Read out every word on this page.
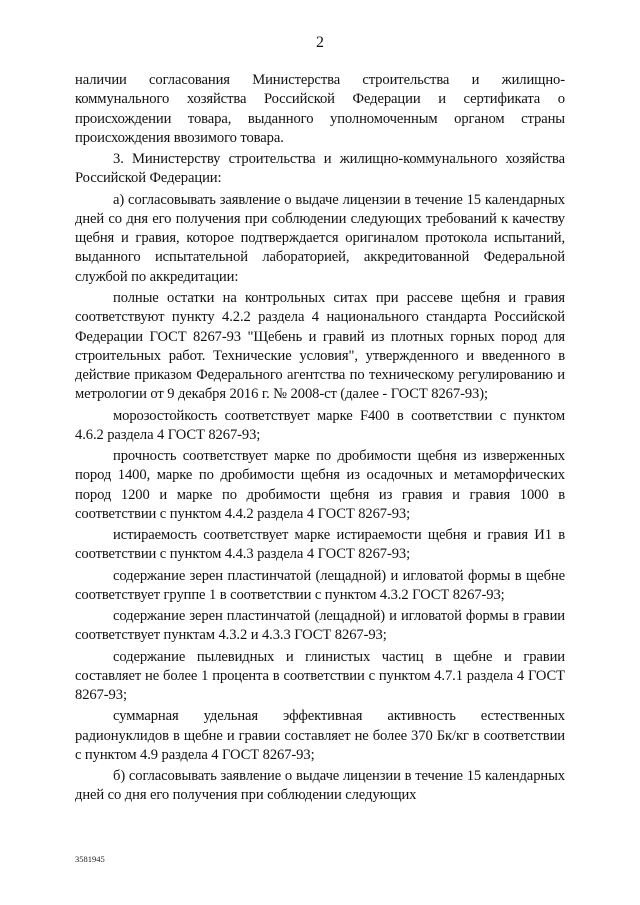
2

наличии согласования Министерства строительства и жилищно-коммунального хозяйства Российской Федерации и сертификата о происхождении товара, выданного уполномоченным органом страны происхождения ввозимого товара.

3. Министерству строительства и жилищно-коммунального хозяйства Российской Федерации:

а) согласовывать заявление о выдаче лицензии в течение 15 календарных дней со дня его получения при соблюдении следующих требований к качеству щебня и гравия, которое подтверждается оригиналом протокола испытаний, выданного испытательной лабораторией, аккредитованной Федеральной службой по аккредитации:

полные остатки на контрольных ситах при рассеве щебня и гравия соответствуют пункту 4.2.2 раздела 4 национального стандарта Российской Федерации ГОСТ 8267-93 "Щебень и гравий из плотных горных пород для строительных работ. Технические условия", утвержденного и введенного в действие приказом Федерального агентства по техническому регулированию и метрологии от 9 декабря 2016 г. № 2008-ст (далее - ГОСТ 8267-93);

морозостойкость соответствует марке F400 в соответствии с пунктом 4.6.2 раздела 4 ГОСТ 8267-93;

прочность соответствует марке по дробимости щебня из изверженных пород 1400, марке по дробимости щебня из осадочных и метаморфических пород 1200 и марке по дробимости щебня из гравия и гравия 1000 в соответствии с пунктом 4.4.2 раздела 4 ГОСТ 8267-93;

истираемость соответствует марке истираемости щебня и гравия И1 в соответствии с пунктом 4.4.3 раздела 4 ГОСТ 8267-93;

содержание зерен пластинчатой (лещадной) и игловатой формы в щебне соответствует группе 1 в соответствии с пунктом 4.3.2 ГОСТ 8267-93;

содержание зерен пластинчатой (лещадной) и игловатой формы в гравии соответствует пунктам 4.3.2 и 4.3.3 ГОСТ 8267-93;

содержание пылевидных и глинистых частиц в щебне и гравии составляет не более 1 процента в соответствии с пунктом 4.7.1 раздела 4 ГОСТ 8267-93;

суммарная удельная эффективная активность естественных радионуклидов в щебне и гравии составляет не более 370 Бк/кг в соответствии с пунктом 4.9 раздела 4 ГОСТ 8267-93;

б) согласовывать заявление о выдаче лицензии в течение 15 календарных дней со дня его получения при соблюдении следующих

3581945
